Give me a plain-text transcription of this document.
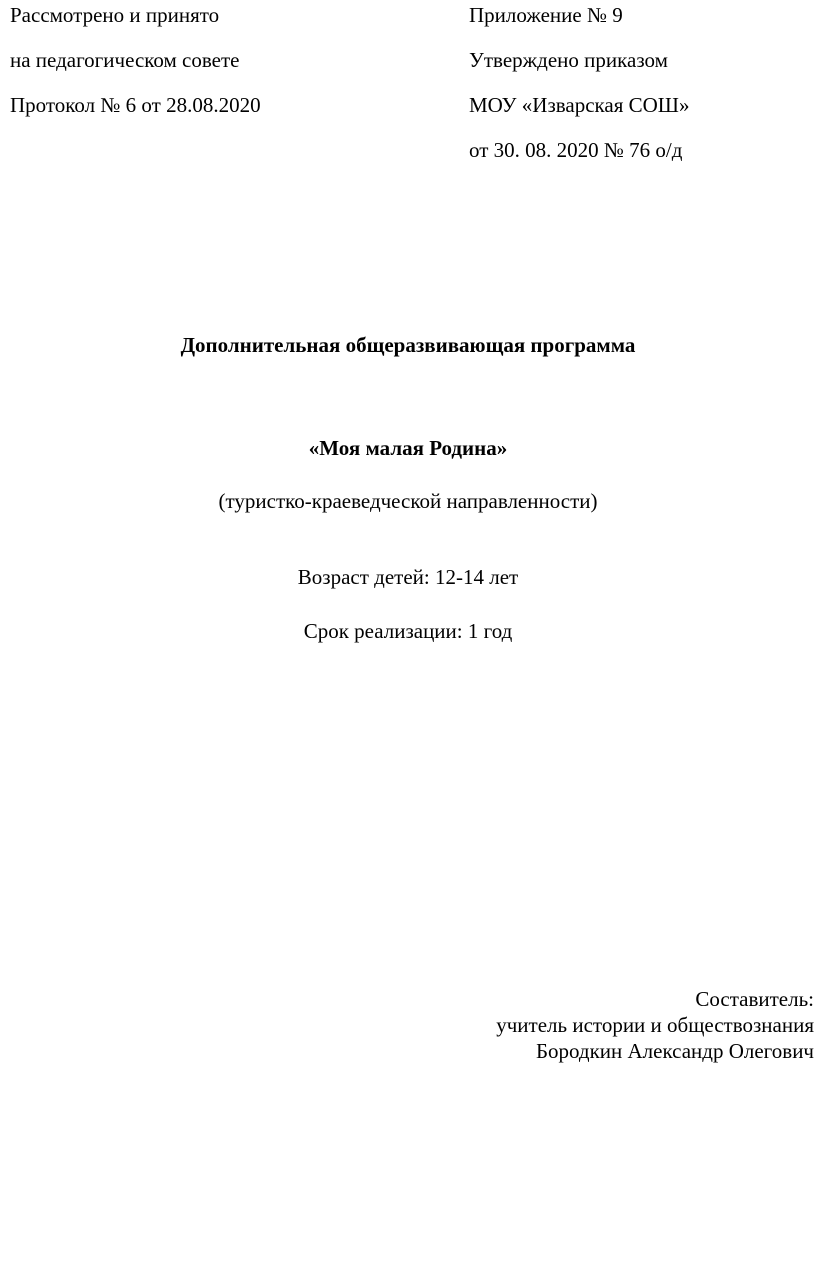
Рассмотрено и принято
на педагогическом совете
Протокол № 6 от 28.08.2020
Приложение № 9
Утверждено приказом
МОУ «Изварская СОШ»
от 30. 08. 2020 № 76 о/д
Дополнительная общеразвивающая программа
«Моя малая Родина»
(туристко-краеведческой направленности)
Возраст детей: 12-14 лет
Срок реализации: 1 год
Составитель:
учитель истории и обществознания
Бородкин Александр Олегович
